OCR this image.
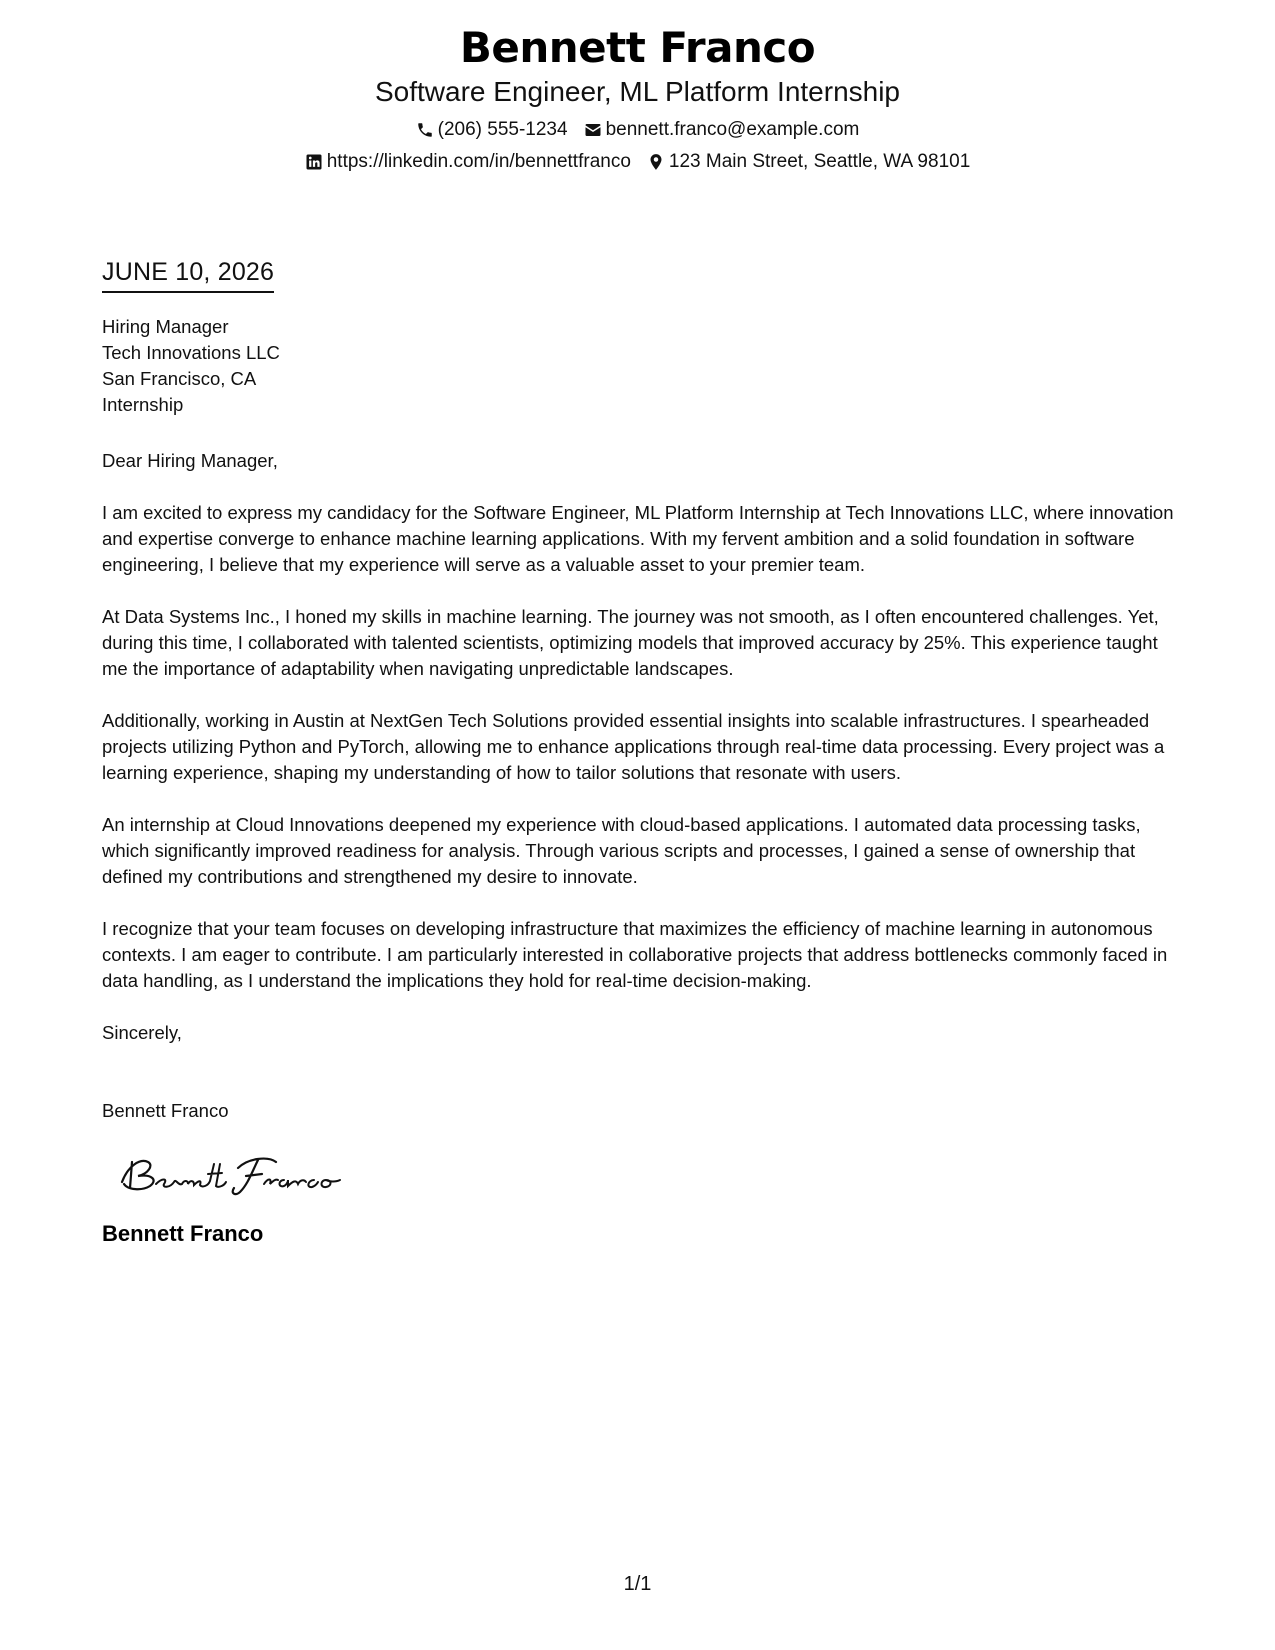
Bennett Franco
Software Engineer, ML Platform Internship
(206) 555-1234 bennett.franco@example.com
https://linkedin.com/in/bennettfranco 123 Main Street, Seattle, WA 98101
JUNE 10, 2026
Hiring Manager
Tech Innovations LLC
San Francisco, CA
Internship

Dear Hiring Manager,

I am excited to express my candidacy for the Software Engineer, ML Platform Internship at Tech Innovations LLC, where innovation and expertise converge to enhance machine learning applications. With my fervent ambition and a solid foundation in software engineering, I believe that my experience will serve as a valuable asset to your premier team.

At Data Systems Inc., I honed my skills in machine learning. The journey was not smooth, as I often encountered challenges. Yet, during this time, I collaborated with talented scientists, optimizing models that improved accuracy by 25%. This experience taught me the importance of adaptability when navigating unpredictable landscapes.

Additionally, working in Austin at NextGen Tech Solutions provided essential insights into scalable infrastructures. I spearheaded projects utilizing Python and PyTorch, allowing me to enhance applications through real-time data processing. Every project was a learning experience, shaping my understanding of how to tailor solutions that resonate with users.

An internship at Cloud Innovations deepened my experience with cloud-based applications. I automated data processing tasks, which significantly improved readiness for analysis. Through various scripts and processes, I gained a sense of ownership that defined my contributions and strengthened my desire to innovate.

I recognize that your team focuses on developing infrastructure that maximizes the efficiency of machine learning in autonomous contexts. I am eager to contribute. I am particularly interested in collaborative projects that address bottlenecks commonly faced in data handling, as I understand the implications they hold for real-time decision-making.

Sincerely,

Bennett Franco
Bennett Franco
1/1
